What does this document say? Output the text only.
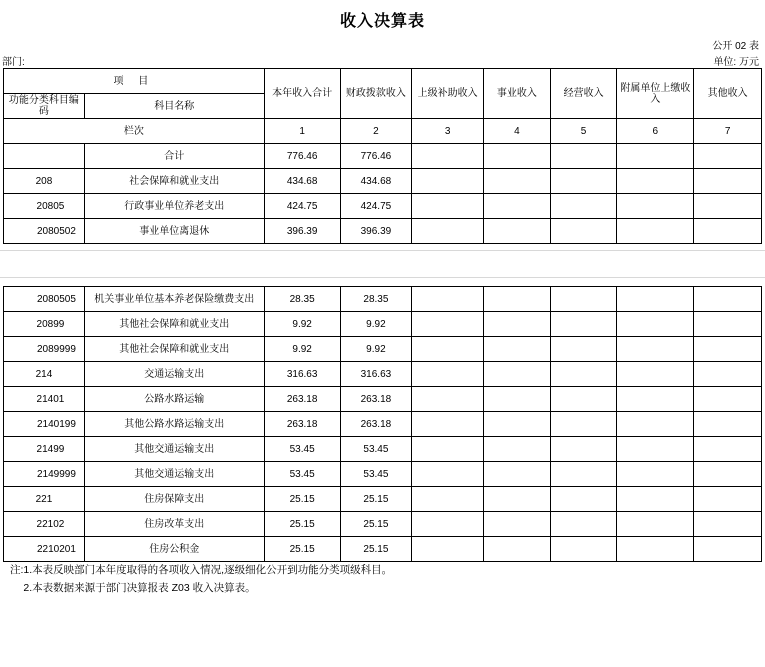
收入决算表
公开 02 表
部门:	单位: 万元
项 目		本年收入合计	财政拨款收入	上级补助收入	事业收入	经营收入	附属单位上缴收入	其他收入
功能分类科目编码	科目名称							
栏次		1	2	3	4	5	6	7
	合计	776.46	776.46					
208	社会保障和就业支出	434.68	434.68					
20805	行政事业单位养老支出	424.75	424.75					
2080502	事业单位离退休	396.39	396.39					
2080505	机关事业单位基本养老保险缴费支出	28.35	28.35					
20899	其他社会保障和就业支出	9.92	9.92					
2089999	其他社会保障和就业支出	9.92	9.92					
214	交通运输支出	316.63	316.63					
21401	公路水路运输	263.18	263.18					
2140199	其他公路水路运输支出	263.18	263.18					
21499	其他交通运输支出	53.45	53.45					
2149999	其他交通运输支出	53.45	53.45					
221	住房保障支出	25.15	25.15					
22102	住房改革支出	25.15	25.15					
2210201	住房公积金	25.15	25.15					
注:1.本表反映部门本年度取得的各项收入情况,逐级细化公开到功能分类项级科目。
2.本表数据来源于部门决算报表 Z03 收入决算表。
